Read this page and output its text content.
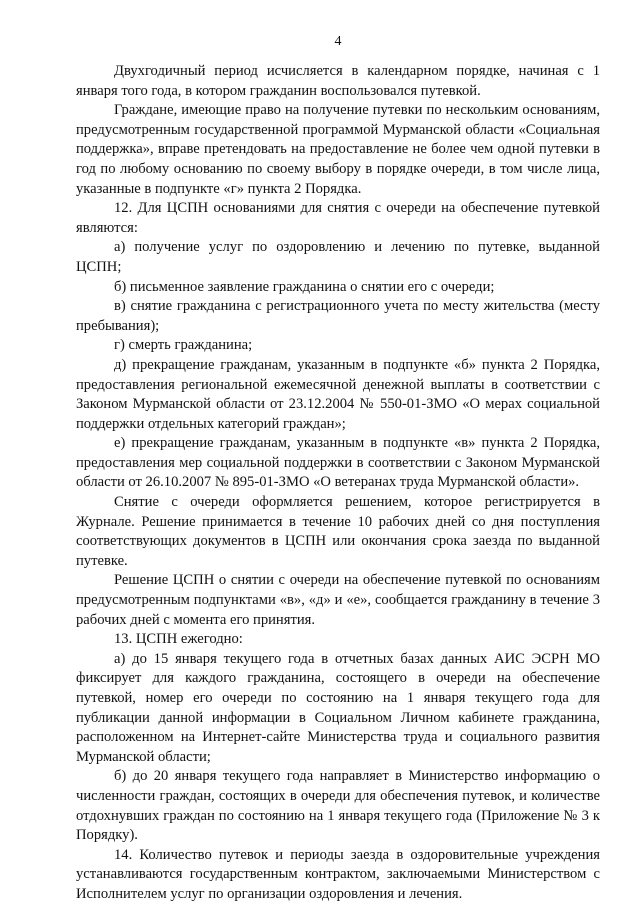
4

Двухгодичный период исчисляется в календарном порядке, начиная с 1 января того года, в котором гражданин воспользовался путевкой.

Граждане, имеющие право на получение путевки по нескольким основаниям, предусмотренным государственной программой Мурманской области «Социальная поддержка», вправе претендовать на предоставление не более чем одной путевки в год по любому основанию по своему выбору в порядке очереди, в том числе лица, указанные в подпункте «г» пункта 2 Порядка.

12. Для ЦСПН основаниями для снятия с очереди на обеспечение путевкой являются:

а) получение услуг по оздоровлению и лечению по путевке, выданной ЦСПН;

б) письменное заявление гражданина о снятии его с очереди;

в) снятие гражданина с регистрационного учета по месту жительства (месту пребывания);

г) смерть гражданина;

д) прекращение гражданам, указанным в подпункте «б» пункта 2 Порядка, предоставления региональной ежемесячной денежной выплаты в соответствии с Законом Мурманской области от 23.12.2004 № 550-01-ЗМО «О мерах социальной поддержки отдельных категорий граждан»;

е) прекращение гражданам, указанным в подпункте «в» пункта 2 Порядка, предоставления мер социальной поддержки в соответствии с Законом Мурманской области от 26.10.2007 № 895-01-ЗМО «О ветеранах труда Мурманской области».

Снятие с очереди оформляется решением, которое регистрируется в Журнале. Решение принимается в течение 10 рабочих дней со дня поступления соответствующих документов в ЦСПН или окончания срока заезда по выданной путевке.

Решение ЦСПН о снятии с очереди на обеспечение путевкой по основаниям предусмотренным подпунктами «в», «д» и «е», сообщается гражданину в течение 3 рабочих дней с момента его принятия.

13. ЦСПН ежегодно:

а) до 15 января текущего года в отчетных базах данных АИС ЭСРН МО фиксирует для каждого гражданина, состоящего в очереди на обеспечение путевкой, номер его очереди по состоянию на 1 января текущего года для публикации данной информации в Социальном Личном кабинете гражданина, расположенном на Интернет-сайте Министерства труда и социального развития Мурманской области;

б) до 20 января текущего года направляет в Министерство информацию о численности граждан, состоящих в очереди для обеспечения путевок, и количестве отдохнувших граждан по состоянию на 1 января текущего года (Приложение № 3 к Порядку).

14. Количество путевок и периоды заезда в оздоровительные учреждения устанавливаются государственным контрактом, заключаемыми Министерством с Исполнителем услуг по организации оздоровления и лечения.
